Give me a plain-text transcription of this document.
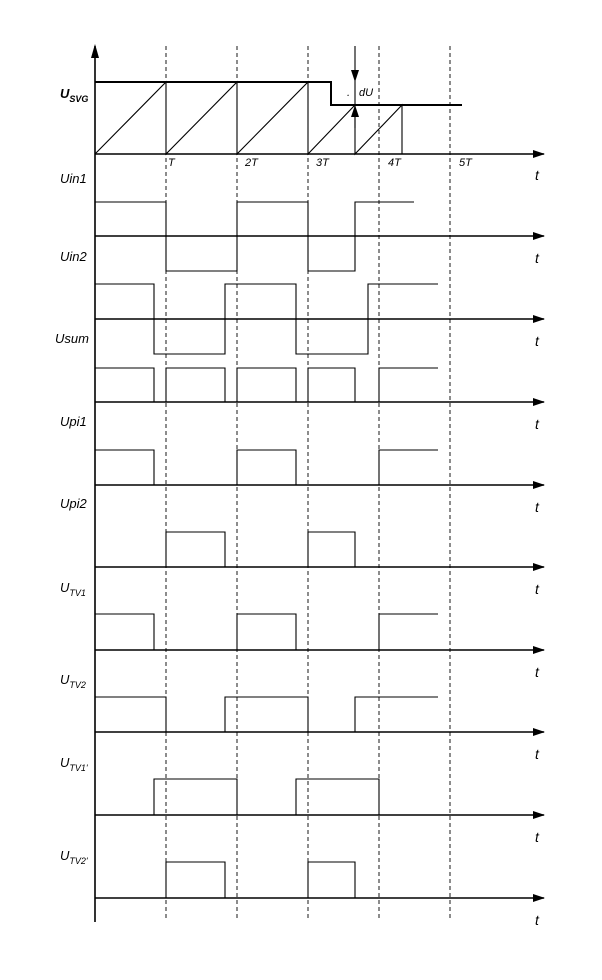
t
t
t
t
t
t
t
t
t
t
T	2T	3T	4T	5T
$U_{SVG}$
Uin1
Uin2
Usum
Upi1
Upi2
$U_{TV1}$
$U_{TV2}$
$U_{TV1'}$
$U_{TV2'}$
dU
.
